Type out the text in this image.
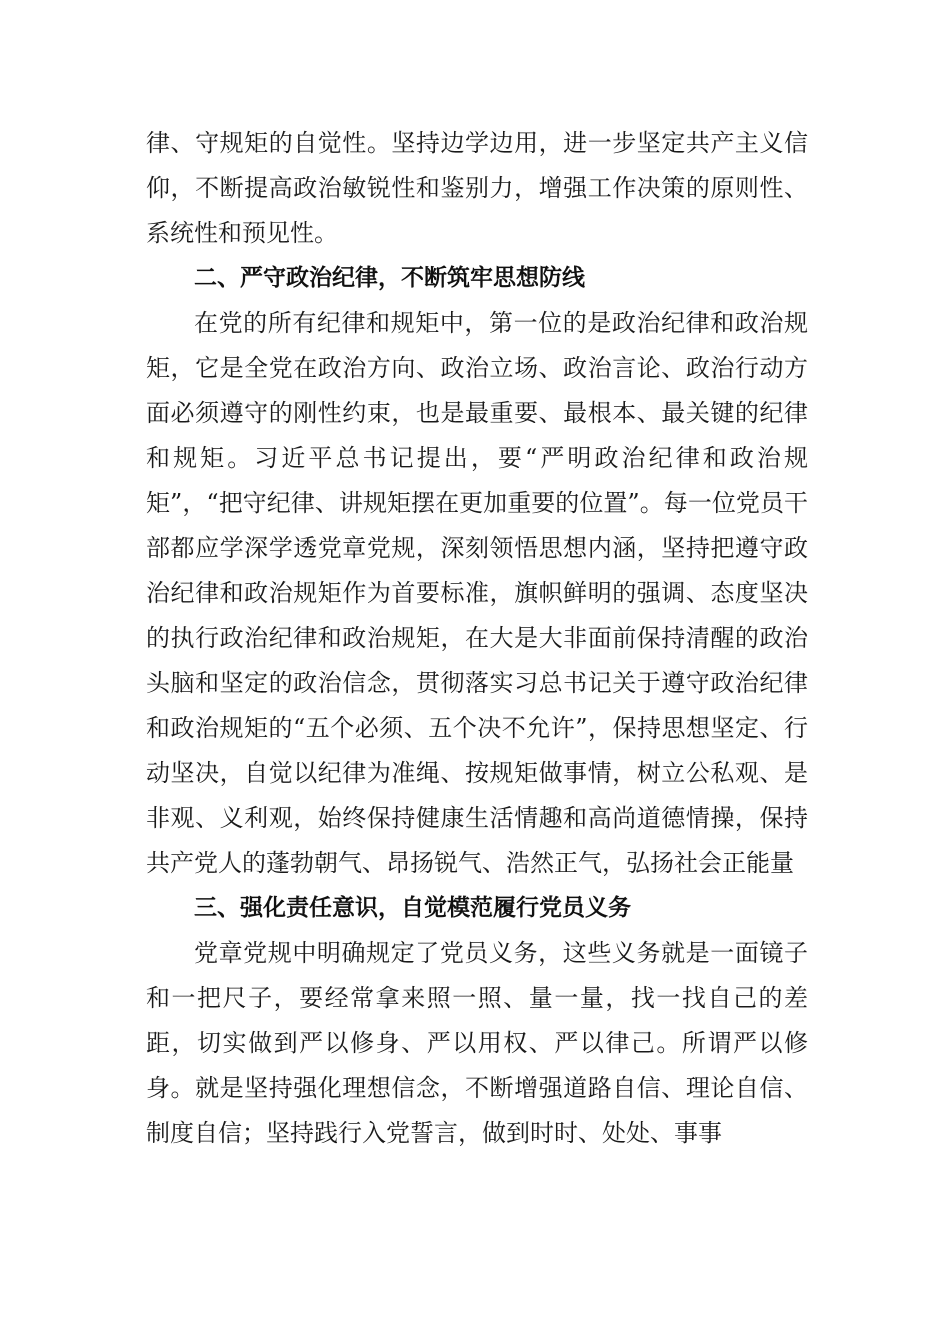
律、守规矩的自觉性。坚持边学边用，进一步坚定共产主义信仰，不断提高政治敏锐性和鉴别力，增强工作决策的原则性、系统性和预见性。

二、严守政治纪律，不断筑牢思想防线

在党的所有纪律和规矩中，第一位的是政治纪律和政治规矩，它是全党在政治方向、政治立场、政治言论、政治行动方面必须遵守的刚性约束，也是最重要、最根本、最关键的纪律和规矩。习近平总书记提出，要“严明政治纪律和政治规矩”，“把守纪律、讲规矩摆在更加重要的位置”。每一位党员干部都应学深学透党章党规，深刻领悟思想内涵，坚持把遵守政治纪律和政治规矩作为首要标准，旗帜鲜明的强调、态度坚决的执行政治纪律和政治规矩，在大是大非面前保持清醒的政治头脑和坚定的政治信念，贯彻落实习总书记关于遵守政治纪律和政治规矩的“五个必须、五个决不允许”，保持思想坚定、行动坚决，自觉以纪律为准绳、按规矩做事情，树立公私观、是非观、义利观，始终保持健康生活情趣和高尚道德情操，保持共产党人的蓬勃朝气、昂扬锐气、浩然正气，弘扬社会正能量

三、强化责任意识，自觉模范履行党员义务

党章党规中明确规定了党员义务，这些义务就是一面镜子和一把尺子，要经常拿来照一照、量一量，找一找自己的差距，切实做到严以修身、严以用权、严以律己。所谓严以修身。就是坚持强化理想信念，不断增强道路自信、理论自信、制度自信；坚持践行入党誓言，做到时时、处处、事事
